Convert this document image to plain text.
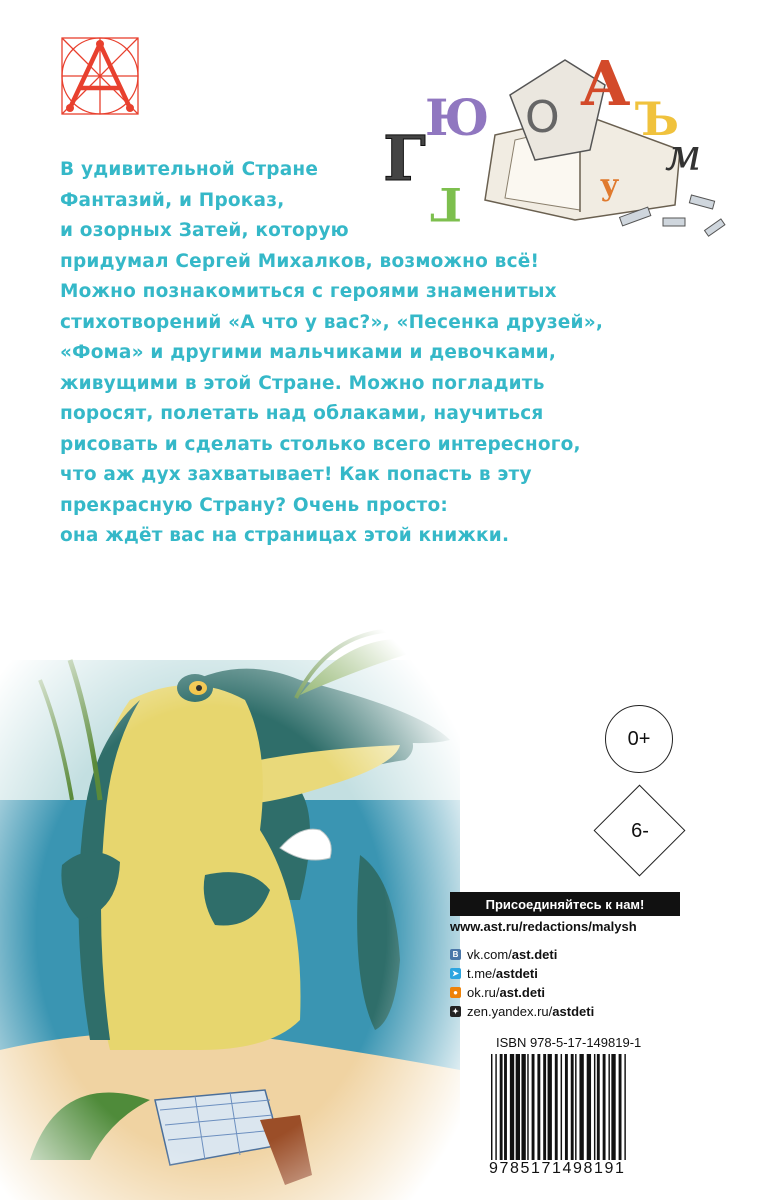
Г
Ю
Г
О А Ъ
м
у
В удивительной Стране
Фантазий, и Проказ,
и озорных Затей, которую
придумал Сергей Михалков, возможно всё!
Можно познакомиться с героями знаменитых
стихотворений «А что у вас?», «Песенка друзей»,
«Фома» и другими мальчиками и девочками,
живущими в этой Стране. Можно погладить
поросят, полетать над облаками, научиться
рисовать и сделать столько всего интересного,
что аж дух захватывает! Как попасть в эту
прекрасную Страну? Очень просто:
она ждёт вас на страницах этой книжки.
0+
6-
Присоединяйтесь к нам!
www.ast.ru/redactions/malysh
B vk.com/ast.deti
➤ t.me/astdeti
● ok.ru/ast.deti
✦ zen.yandex.ru/astdeti
ISBN 978-5-17-149819-1
9785171498191
